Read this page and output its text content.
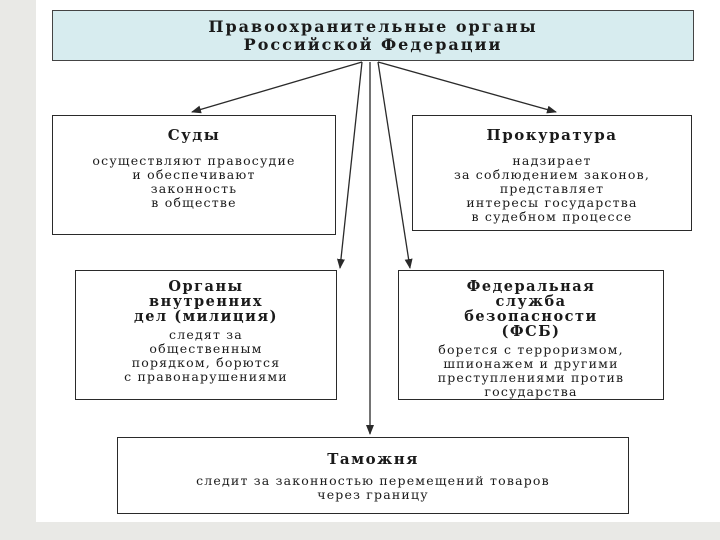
Правоохранительные органы
Российской Федерации
Суды
осуществляют правосудие
и обеспечивают
законность
в обществе
Прокуратура
надзирает
за соблюдением законов,
представляет
интересы государства
в судебном процессе
Органы
внутренних
дел (милиция)
следят за
общественным
порядком, борются
с правонарушениями
Федеральная
служба
безопасности
(ФСБ)
борется с терроризмом,
шпионажем и другими
преступлениями против
государства
Таможня
следит за законностью перемещений товаров
через границу
